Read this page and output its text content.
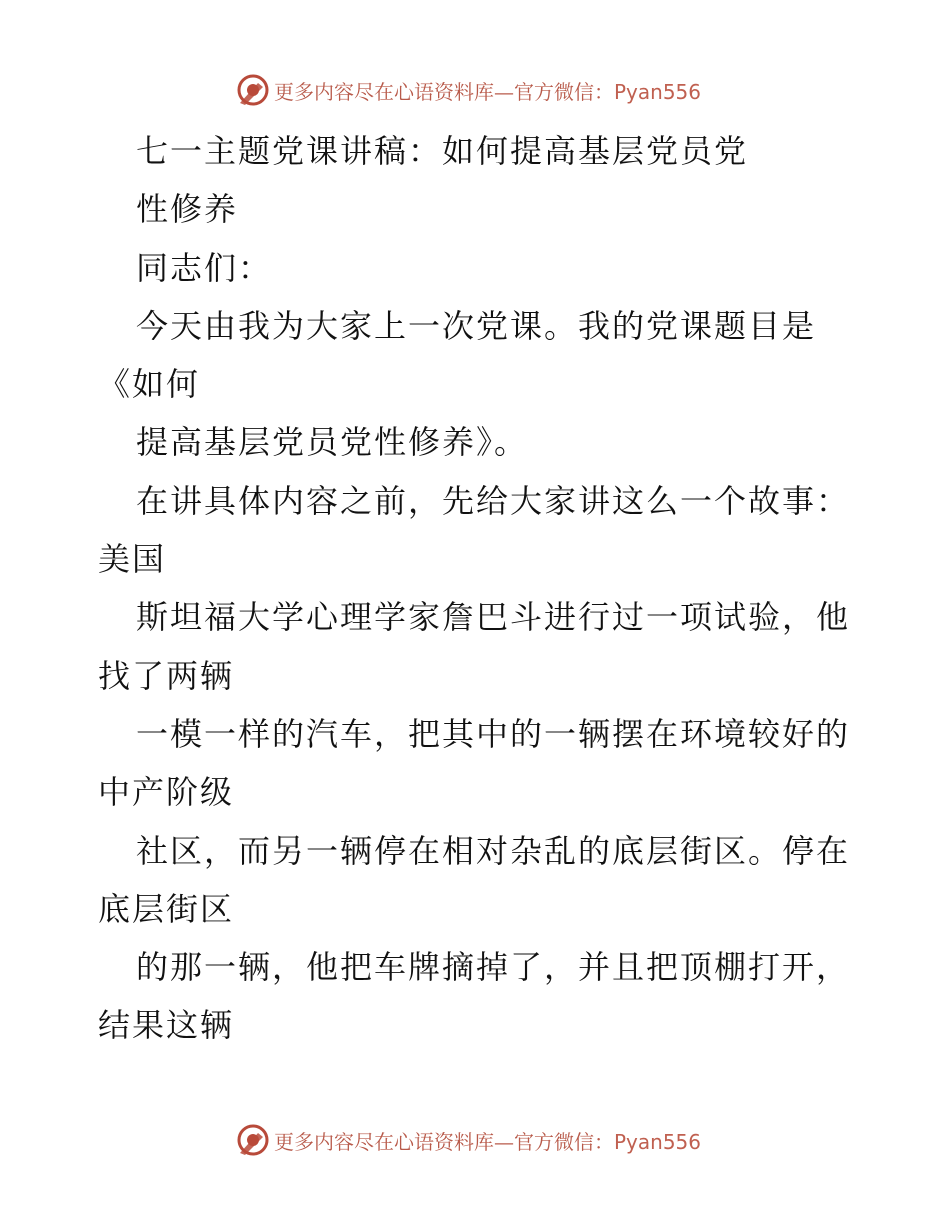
更多内容尽在心语资料库—官方微信：Pyan556
七一主题党课讲稿：如何提高基层党员党
性修养
同志们：
今天由我为大家上一次党课。我的党课题目是
《如何
提高基层党员党性修养》。
在讲具体内容之前，先给大家讲这么一个故事：
美国
斯坦福大学心理学家詹巴斗进行过一项试验，他
找了两辆
一模一样的汽车，把其中的一辆摆在环境较好的
中产阶级
社区，而另一辆停在相对杂乱的底层街区。停在
底层街区
的那一辆，他把车牌摘掉了，并且把顶棚打开，
结果这辆
更多内容尽在心语资料库—官方微信：Pyan556
